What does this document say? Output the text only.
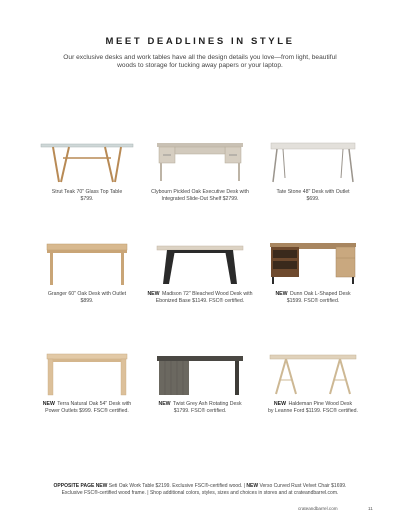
MEET DEADLINES IN STYLE
Our exclusive desks and work tables have all the design details you love—from light, beautiful woods to storage for tucking away papers or your laptop.
Strut Teak 70" Glass Top Table
$799.
Clybourn Pickled Oak Executive Desk with
Integrated Slide-Out Shelf $2799.
Tate Stone 48" Desk with Outlet
$699.
Granger 60" Oak Desk with Outlet
$899.
NEW Madison 72" Bleached Wood Desk with
Ebonized Base $1149. FSC® certified.
NEW Dunn Oak L-Shaped Desk
$1599. FSC® certified.
NEW Terra Natural Oak 54" Desk with
Power Outlets $999. FSC® certified.
NEW Twist Grey Ash Rotating Desk
$1799. FSC® certified.
NEW Haldeman Pine Wood Desk
by Leanne Ford $1199. FSC® certified.
OPPOSITE PAGE NEW Seti Oak Work Table $2199. Exclusive FSC®-certified wood. | NEW Verso Curved Rust Velvet Chair $1699. Exclusive FSC®-certified wood frame. | Shop additional colors, styles, sizes and choices in stores and at crateandbarrel.com.
crateandbarrel.com	11
